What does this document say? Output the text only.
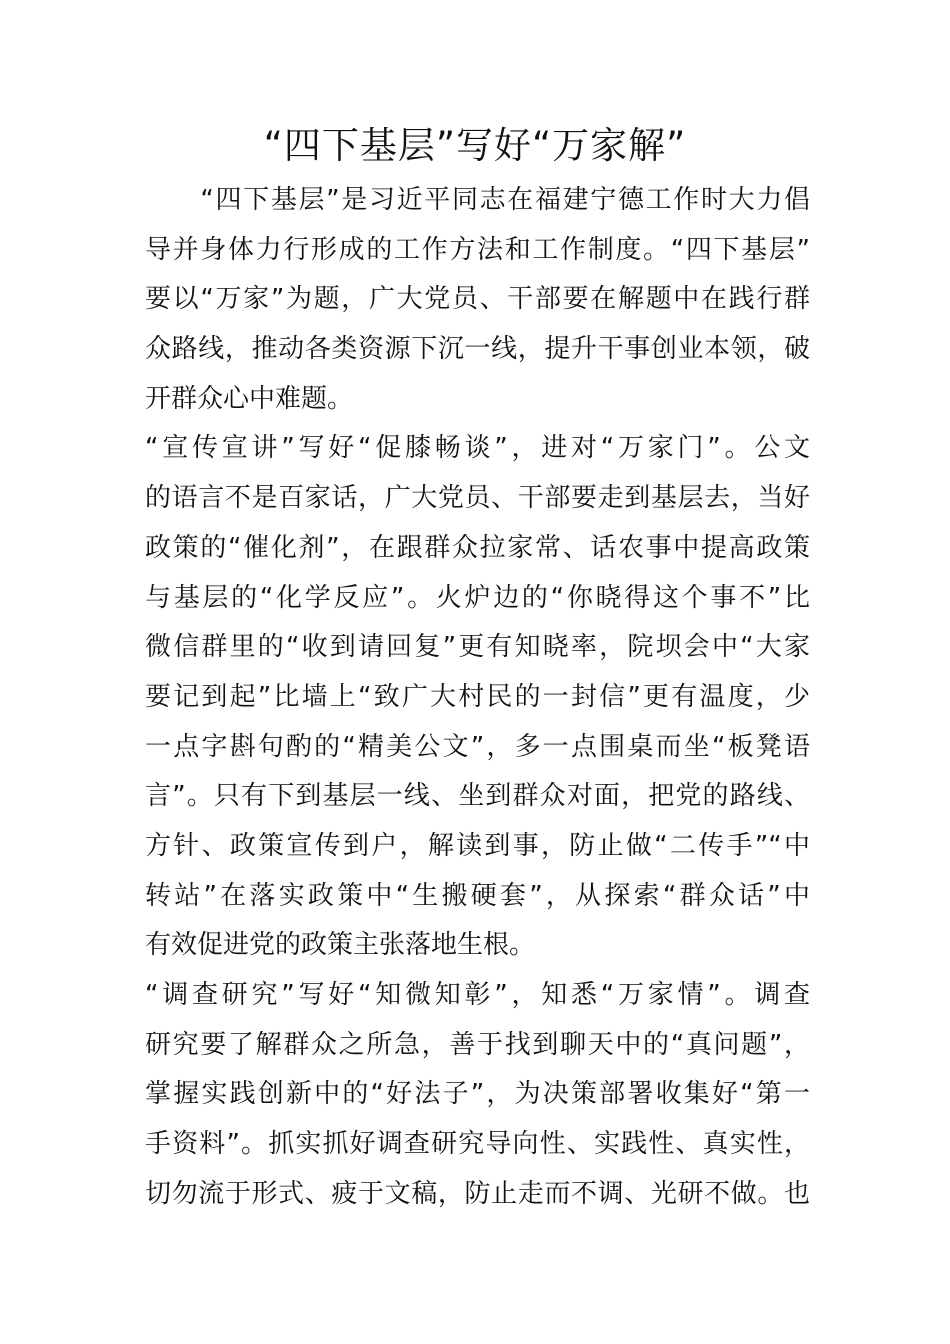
“四下基层”写好“万家解”
　　“四下基层”是习近平同志在福建宁德工作时大力倡
导并身体力行形成的工作方法和工作制度。“四下基层”
要以“万家”为题，广大党员、干部要在解题中在践行群
众路线，推动各类资源下沉一线，提升干事创业本领，破
开群众心中难题。
“宣传宣讲”写好“促膝畅谈”，进对“万家门”。公文
的语言不是百家话，广大党员、干部要走到基层去，当好
政策的“催化剂”，在跟群众拉家常、话农事中提高政策
与基层的“化学反应”。火炉边的“你晓得这个事不”比
微信群里的“收到请回复”更有知晓率，院坝会中“大家
要记到起”比墙上“致广大村民的一封信”更有温度，少
一点字斟句酌的“精美公文”，多一点围桌而坐“板凳语
言”。只有下到基层一线、坐到群众对面，把党的路线、
方针、政策宣传到户，解读到事，防止做“二传手”“中
转站”在落实政策中“生搬硬套”，从探索“群众话”中
有效促进党的政策主张落地生根。
“调查研究”写好“知微知彰”，知悉“万家情”。调查
研究要了解群众之所急，善于找到聊天中的“真问题”，
掌握实践创新中的“好法子”，为决策部署收集好“第一
手资料”。抓实抓好调查研究导向性、实践性、真实性，
切勿流于形式、疲于文稿，防止走而不调、光研不做。也
